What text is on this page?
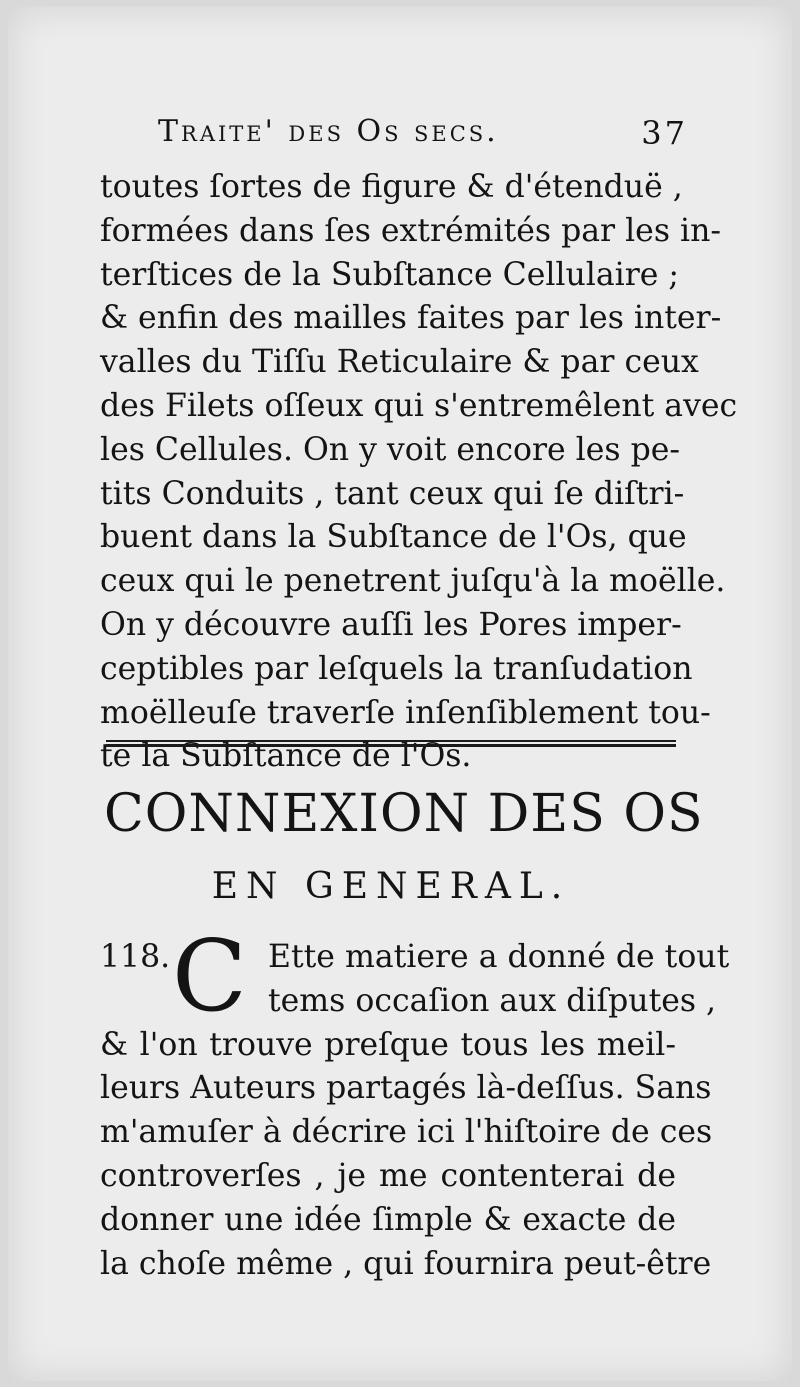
Traite' des Os secs.	37
toutes ſortes de figure & d'étenduë ,
formées dans ſes extrémités par les in-
terſtices de la Subſtance Cellulaire ;
& enfin des mailles faites par les inter-
valles du Tiſſu Reticulaire & par ceux
des Filets oſſeux qui s'entremêlent avec
les Cellules. On y voit encore les pe-
tits Conduits , tant ceux qui ſe diſtri-
buent dans la Subſtance de l'Os, que
ceux qui le penetrent juſqu'à la moëlle.
On y découvre auſſi les Pores imper-
ceptibles par leſquels la tranſudation
moëlleuſe traverſe inſenſiblement tou-
te la Subſtance de l'Os.
CONNEXION DES OS
EN GENERAL.
118. C Ette matiere a donné de tout
tems occaſion aux diſputes ,
& l'on trouve preſque tous les meil-
leurs Auteurs partagés là-deſſus. Sans
m'amuſer à décrire ici l'hiſtoire de ces
controverſes , je me contenterai de
donner une idée ſimple & exacte de
la choſe même , qui fournira peut-être
